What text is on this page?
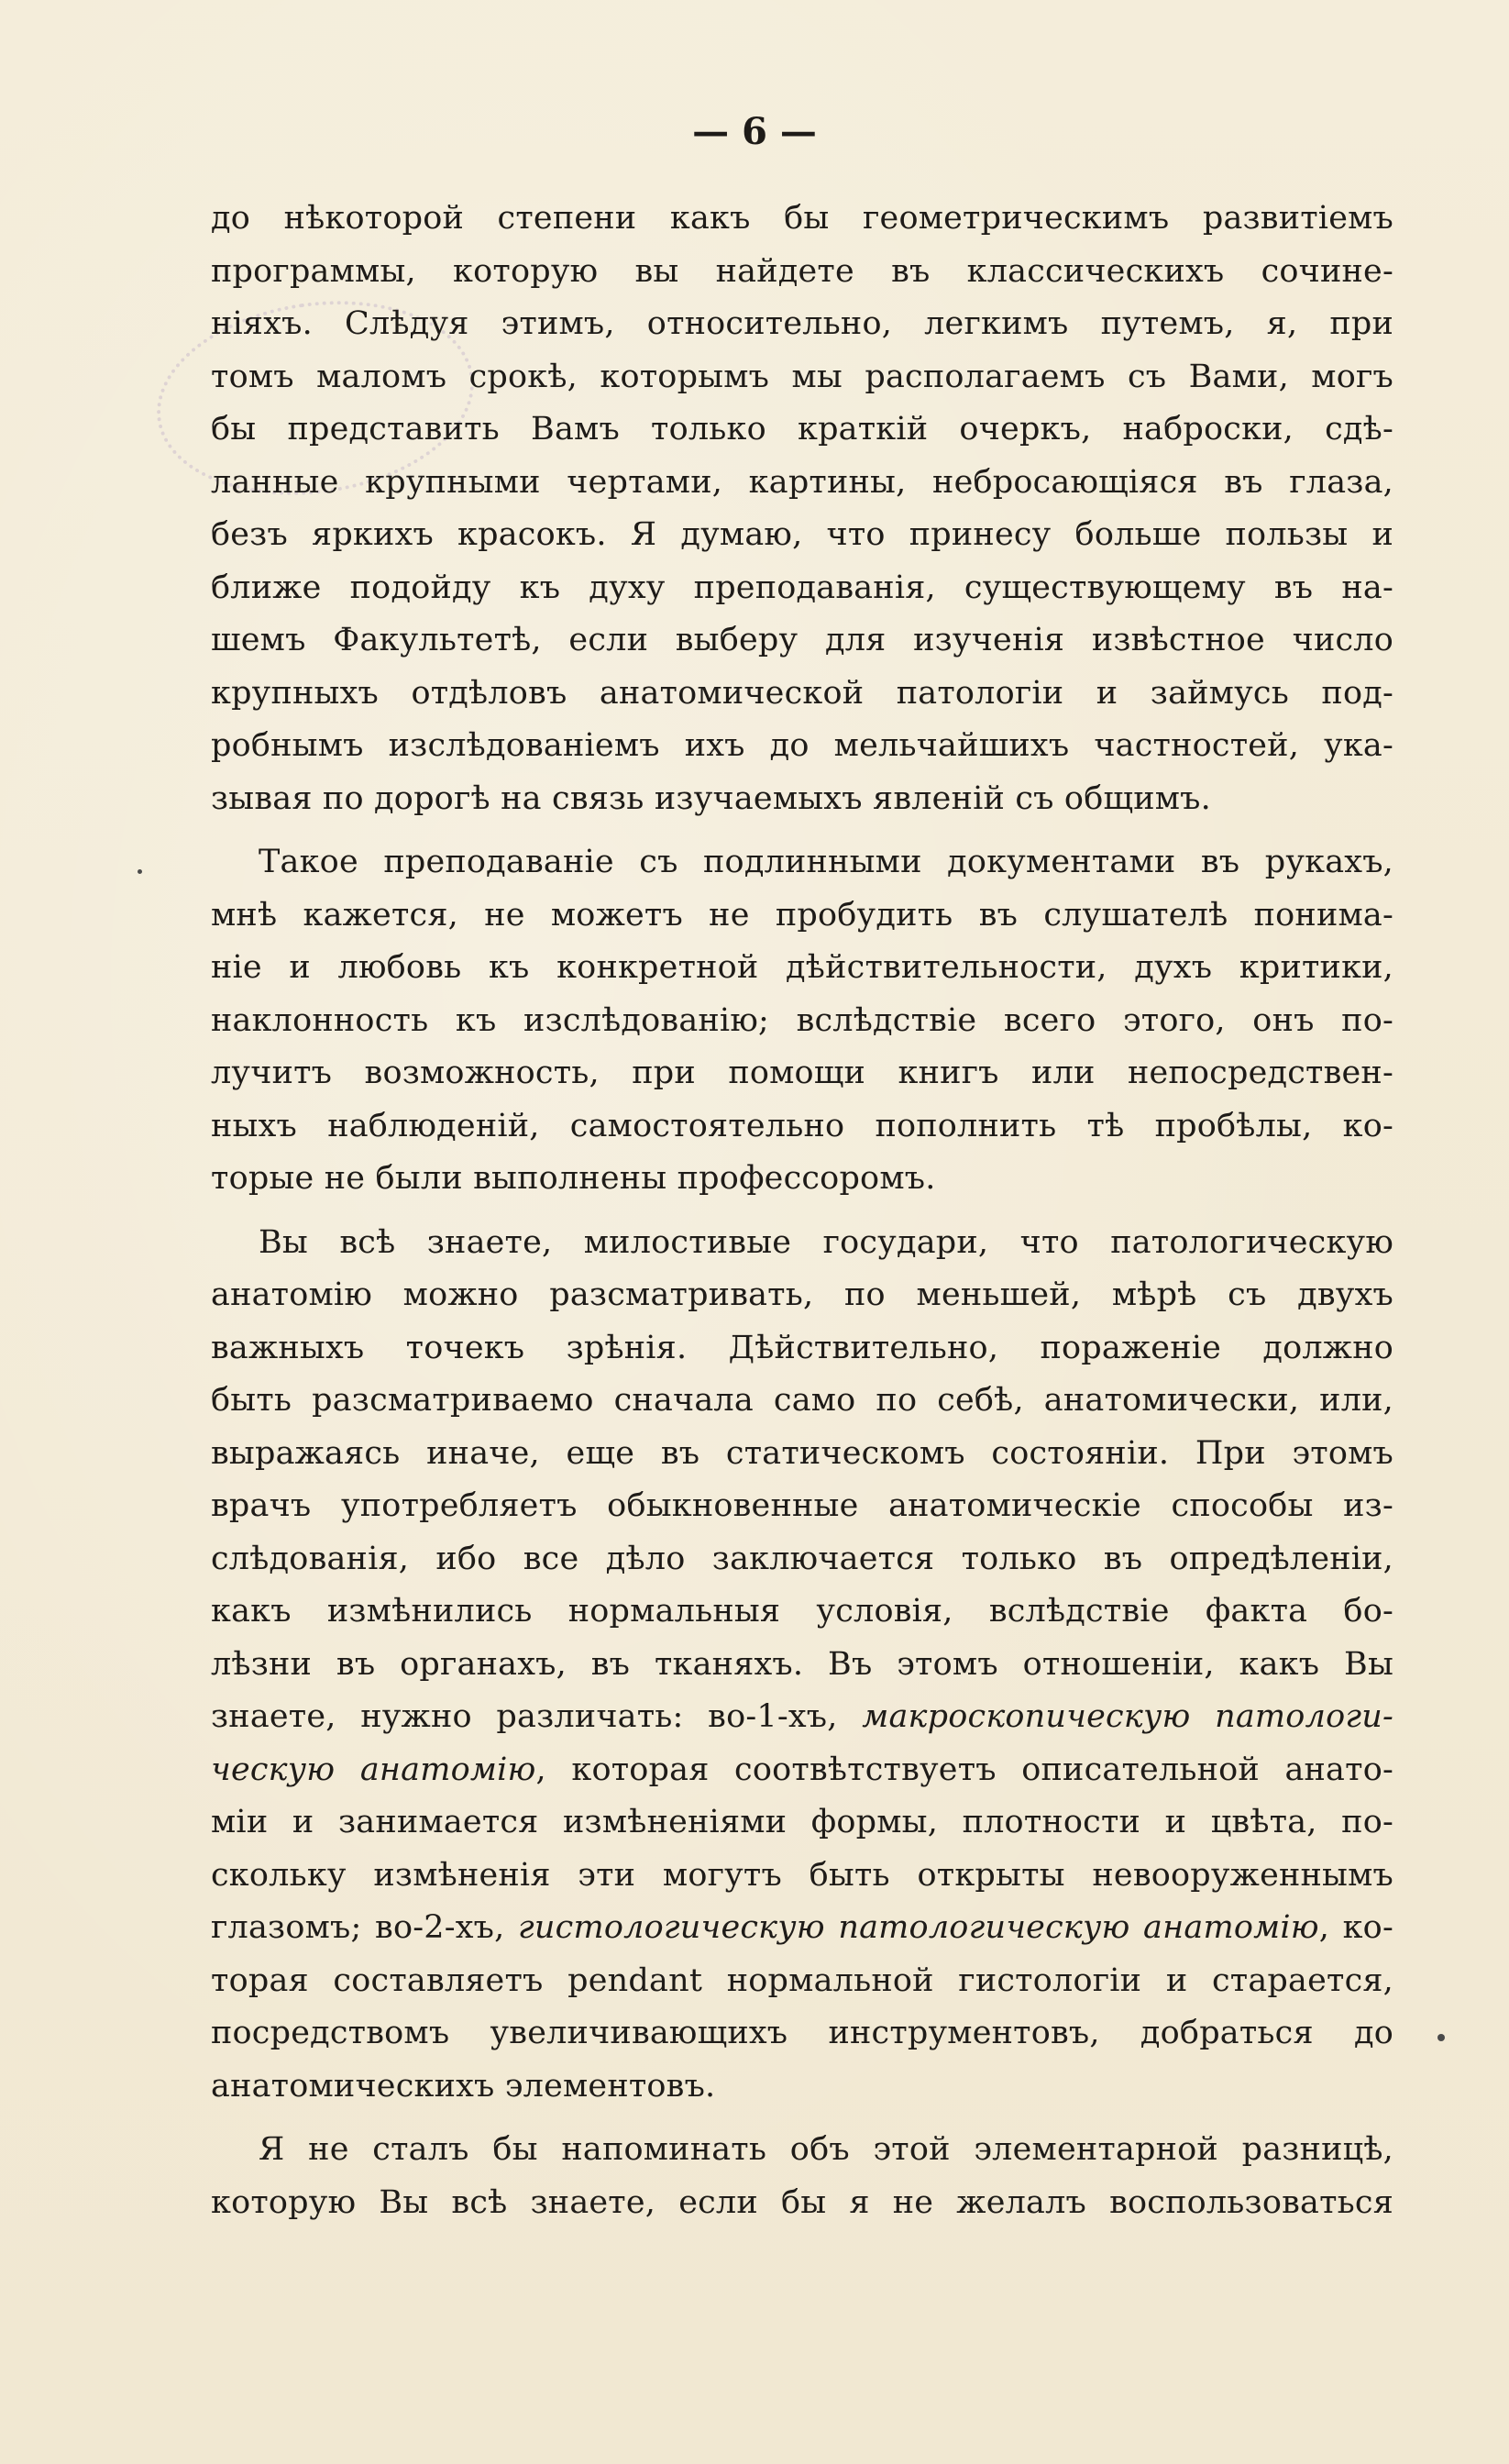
— 6 —
до нѣкоторой степени какъ бы геометрическимъ развитіемъ
программы, которую вы найдете въ классическихъ сочине-
ніяхъ. Слѣдуя этимъ, относительно, легкимъ путемъ, я, при
томъ маломъ срокѣ, которымъ мы располагаемъ съ Вами, могъ
бы представить Вамъ только краткій очеркъ, наброски, сдѣ-
ланные крупными чертами, картины, небросающіяся въ глаза,
безъ яркихъ красокъ. Я думаю, что принесу больше пользы и
ближе подойду къ духу преподаванія, существующему въ на-
шемъ Факультетѣ, если выберу для изученія извѣстное число
крупныхъ отдѣловъ анатомической патологіи и займусь под-
робнымъ изслѣдованіемъ ихъ до мельчайшихъ частностей, ука-
зывая по дорогѣ на связь изучаемыхъ явленій съ общимъ.
Такое преподаваніе съ подлинными документами въ рукахъ,
мнѣ кажется, не можетъ не пробудить въ слушателѣ понима-
ніе и любовь къ конкретной дѣйствительности, духъ критики,
наклонность къ изслѣдованію; вслѣдствіе всего этого, онъ по-
лучитъ возможность, при помощи книгъ или непосредствен-
ныхъ наблюденій, самостоятельно пополнить тѣ пробѣлы, ко-
торые не были выполнены профессоромъ.
Вы всѣ знаете, милостивые государи, что патологическую
анатомію можно разсматривать, по меньшей, мѣрѣ съ двухъ
важныхъ точекъ зрѣнія. Дѣйствительно, пораженіе должно
быть разсматриваемо сначала само по себѣ, анатомически, или,
выражаясь иначе, еще въ статическомъ состояніи. При этомъ
врачъ употребляетъ обыкновенные анатомическіе способы из-
слѣдованія, ибо все дѣло заключается только въ опредѣленіи,
какъ измѣнились нормальныя условія, вслѣдствіе факта бо-
лѣзни въ органахъ, въ тканяхъ. Въ этомъ отношеніи, какъ Вы
знаете, нужно различать: во-1-хъ, макроскопическую патологи-
ческую анатомію, которая соотвѣтствуетъ описательной анато-
міи и занимается измѣненіями формы, плотности и цвѣта, по-
скольку измѣненія эти могутъ быть открыты невооруженнымъ
глазомъ; во-2-хъ, гистологическую патологическую анатомію, ко-
торая составляетъ pendant нормальной гистологіи и старается,
посредствомъ увеличивающихъ инструментовъ, добраться до
анатомическихъ элементовъ.
Я не сталъ бы напоминать объ этой элементарной разницѣ,
которую Вы всѣ знаете, если бы я не желалъ воспользоваться
